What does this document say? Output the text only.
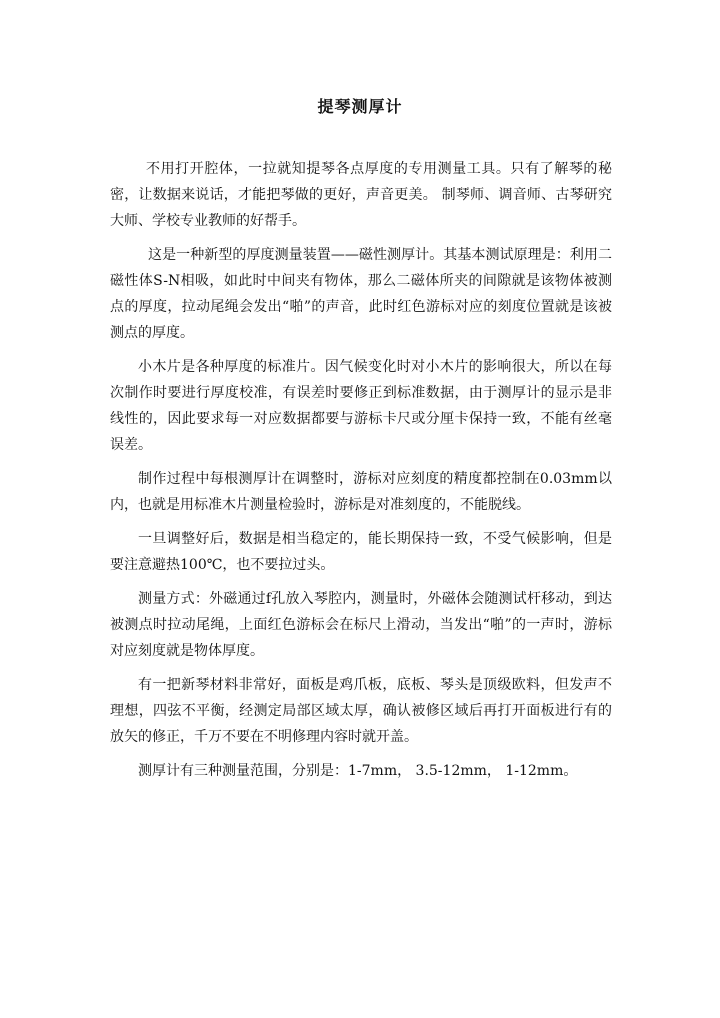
提琴测厚计

不用打开腔体，一拉就知提琴各点厚度的专用测量工具。只有了解琴的秘密，让数据来说话，才能把琴做的更好，声音更美。 制琴师、调音师、古琴研究大师、学校专业教师的好帮手。

这是一种新型的厚度测量装置——磁性测厚计。其基本测试原理是：利用二磁性体S-N相吸，如此时中间夹有物体，那么二磁体所夹的间隙就是该物体被测点的厚度，拉动尾绳会发出“啪”的声音，此时红色游标对应的刻度位置就是该被测点的厚度。

小木片是各种厚度的标准片。因气候变化时对小木片的影响很大，所以在每次制作时要进行厚度校准，有误差时要修正到标准数据，由于测厚计的显示是非线性的，因此要求每一对应数据都要与游标卡尺或分厘卡保持一致，不能有丝毫误差。

制作过程中每根测厚计在调整时，游标对应刻度的精度都控制在0.03mm以内，也就是用标准木片测量检验时，游标是对准刻度的，不能脱线。

一旦调整好后，数据是相当稳定的，能长期保持一致，不受气候影响，但是要注意避热100℃，也不要拉过头。

测量方式：外磁通过f孔放入琴腔内，测量时，外磁体会随测试杆移动，到达被测点时拉动尾绳，上面红色游标会在标尺上滑动，当发出“啪”的一声时，游标对应刻度就是物体厚度。

有一把新琴材料非常好，面板是鸡爪板，底板、琴头是顶级欧料，但发声不理想，四弦不平衡，经测定局部区域太厚，确认被修区域后再打开面板进行有的放矢的修正，千万不要在不明修理内容时就开盖。

测厚计有三种测量范围，分别是：1-7mm， 3.5-12mm， 1-12mm。
